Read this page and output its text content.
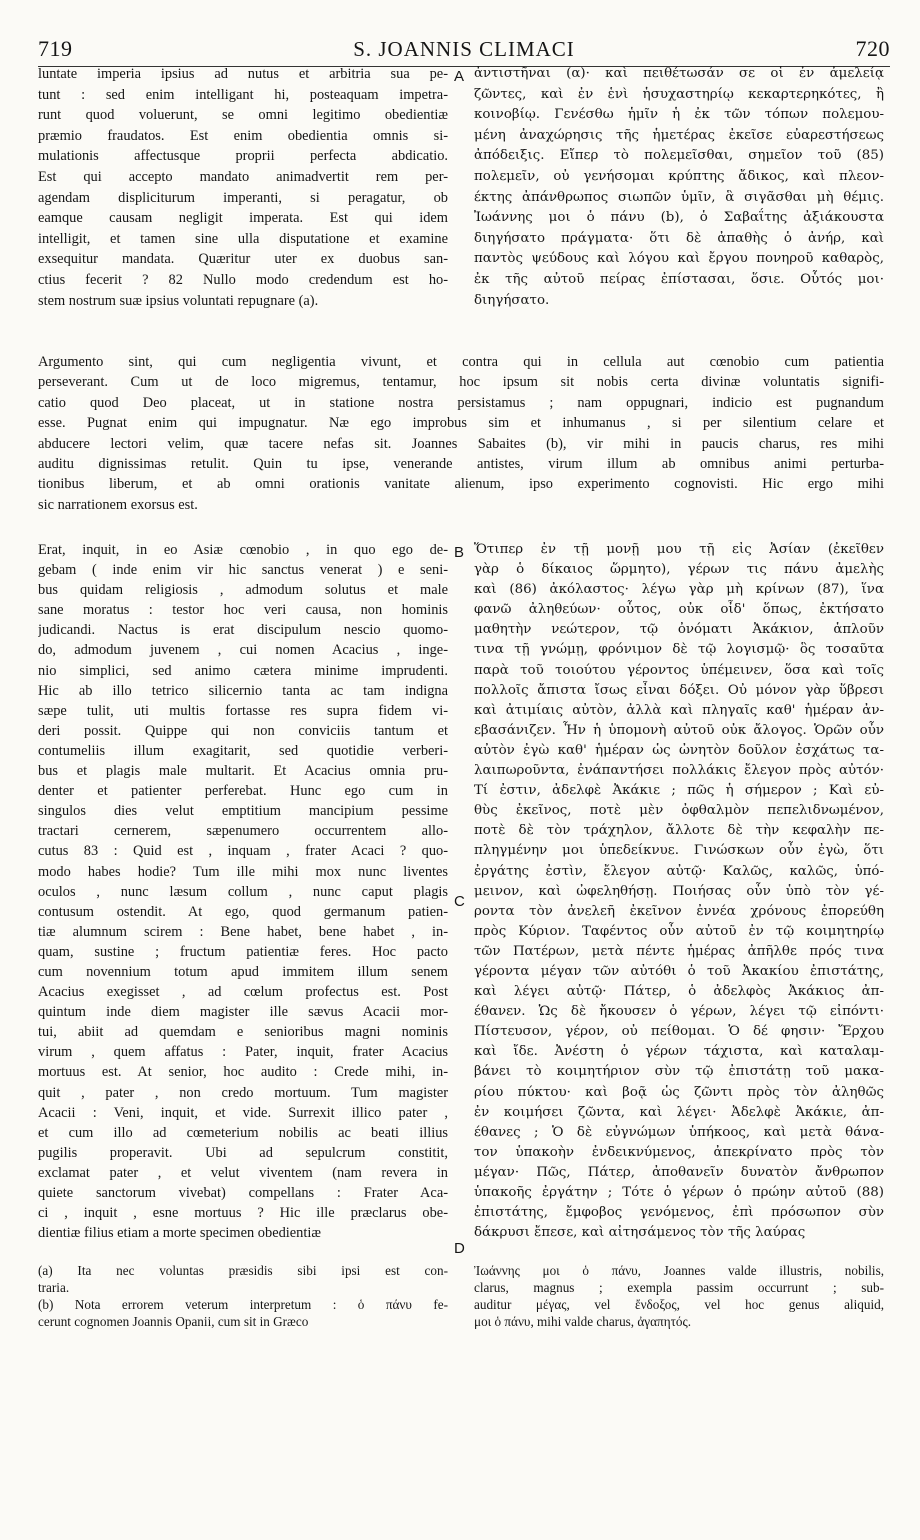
719	S. JOANNIS CLIMACI	720
luntate imperia ipsius ad nutus et arbitria sua pe-
tunt : sed enim intelligant hi, posteaquam impetra-
runt quod voluerunt, se omni legitimo obedientiæ
præmio fraudatos. Est enim obedientia omnis si-
mulationis affectusque proprii perfecta abdicatio.
Est qui accepto mandato animadvertit rem per-
agendam displiciturum imperanti, si peragatur, ob
eamque causam negligit imperata. Est qui idem
intelligit, et tamen sine ulla disputatione et examine
exsequitur mandata. Quæritur uter ex duobus san-
ctius fecerit ? 82 Nullo modo credendum est ho-
stem nostrum suæ ipsius voluntati repugnare (a).
A ἀντιστῆναι (α)· καὶ πειθέτωσάν σε οἱ ἐν ἀμελείᾳ
ζῶντες, καὶ ἐν ἑνὶ ἡσυχαστηρίῳ κεκαρτερηκότες, ἢ
κοινοβίῳ. Γενέσθω ἡμῖν ἡ ἐκ τῶν τόπων πολεμου-
μένη ἀναχώρησις τῆς ἡμετέρας ἐκεῖσε εὐαρεστήσεως
ἀπόδειξις. Εἴπερ τὸ πολεμεῖσθαι, σημεῖον τοῦ (85)
πολεμεῖν, οὐ γενήσομαι κρύπτης ἄδικος, καὶ πλεον-
έκτης ἀπάνθρωπος σιωπῶν ὑμῖν, ἃ σιγᾶσθαι μὴ θέμις.
Ἰωάννης μοι ὁ πάνυ (b), ὁ Σαβαΐτης ἀξιάκουστα
διηγήσατο πράγματα· ὅτι δὲ ἀπαθὴς ὁ ἀνήρ, καὶ
παντὸς ψεύδους καὶ λόγου καὶ ἔργου πονηροῦ καθαρὸς,
ἐκ τῆς αὐτοῦ πείρας ἐπίστασαι, ὅσιε. Οὗτός μοι·
διηγήσατο.
Argumento sint, qui cum negligentia vivunt, et contra qui in cellula aut cœnobio cum patientia
perseverant. Cum ut de loco migremus, tentamur, hoc ipsum sit nobis certa divinæ voluntatis signifi-
catio quod Deo placeat, ut in statione nostra persistamus ; nam oppugnari, indicio est pugnandum
esse. Pugnat enim qui impugnatur. Næ ego improbus sim et inhumanus , si per silentium celare et
abducere lectori velim, quæ tacere nefas sit. Joannes Sabaites (b), vir mihi in paucis charus, res mihi
auditu dignissimas retulit. Quin tu ipse, venerande antistes, virum illum ab omnibus animi perturba-
tionibus liberum, et ab omni orationis vanitate alienum, ipso experimento cognovisti. Hic ergo mihi
sic narrationem exorsus est.
Erat, inquit, in eo Asiæ cœnobio , in quo ego de-
gebam ( inde enim vir hic sanctus venerat ) e seni-
bus quidam religiosis , admodum solutus et male
sane moratus : testor hoc veri causa, non hominis
judicandi. Nactus is erat discipulum nescio quomo-
do, admodum juvenem , cui nomen Acacius , inge-
nio simplici, sed animo cætera minime imprudenti.
Hic ab illo tetrico silicernio tanta ac tam indigna
sæpe tulit, uti multis fortasse res supra fidem vi-
deri possit. Quippe qui non conviciis tantum et
contumeliis illum exagitarit, sed quotidie verberi-
bus et plagis male multarit. Et Acacius omnia pru-
denter et patienter perferebat. Hunc ego cum in
singulos dies velut emptitium mancipium pessime
tractari cernerem, sæpenumero occurrentem allo-
cutus 83 : Quid est , inquam , frater Acaci ? quo-
modo habes hodie? Tum ille mihi mox nunc liventes
oculos , nunc læsum collum , nunc caput plagis
contusum ostendit. At ego, quod germanum patien-
tiæ alumnum scirem : Bene habet, bene habet , in-
quam, sustine ; fructum patientiæ feres. Hoc pacto
cum novennium totum apud immitem illum senem
Acacius exegisset , ad cœlum profectus est. Post
quintum inde diem magister ille sævus Acacii mor-
tui, abiit ad quemdam e senioribus magni nominis
virum , quem affatus : Pater, inquit, frater Acacius
mortuus est. At senior, hoc audito : Crede mihi, in-
quit , pater , non credo mortuum. Tum magister
Acacii : Veni, inquit, et vide. Surrexit illico pater ,
et cum illo ad cœmeterium nobilis ac beati illius
pugilis properavit. Ubi ad sepulcrum constitit,
exclamat pater , et velut viventem (nam revera in
quiete sanctorum vivebat) compellans : Frater Aca-
ci , inquit , esne mortuus ? Hic ille præclarus obe-
dientiæ filius etiam a morte specimen obedientiæ
B
C
D
Ὅτιπερ ἐν τῇ μονῇ μου τῇ εἰς Ἀσίαν (ἐκεῖθεν
γὰρ ὁ δίκαιος ὥρμητο), γέρων τις πάνυ ἀμελὴς
καὶ (86) ἀκόλαστος· λέγω γὰρ μὴ κρίνων (87), ἵνα
φανῶ ἀληθεύων· οὗτος, οὐκ οἶδ' ὅπως, ἐκτήσατο
μαθητὴν νεώτερον, τῷ ὀνόματι Ἀκάκιον, ἁπλοῦν
τινα τῇ γνώμῃ, φρόνιμον δὲ τῷ λογισμῷ· ὃς τοσαῦτα
παρὰ τοῦ τοιούτου γέροντος ὑπέμεινεν, ὅσα καὶ τοῖς
πολλοῖς ἄπιστα ἴσως εἶναι δόξει. Οὐ μόνον γὰρ ὕβρεσι
καὶ ἀτιμίαις αὐτὸν, ἀλλὰ καὶ πληγαῖς καθ' ἡμέραν ἀν-
εβασάνιζεν. Ἦν ἡ ὑπομονὴ αὐτοῦ οὐκ ἄλογος. Ὁρῶν οὖν
αὐτὸν ἐγὼ καθ' ἡμέραν ὡς ὠνητὸν δοῦλον ἐσχάτως τα-
λαιπωροῦντα, ἐνάπαντήσει πολλάκις ἔλεγον πρὸς αὐτόν·
Τί ἐστιν, ἀδελφὲ Ἀκάκιε ; πῶς ἡ σήμερον ; Καὶ εὐ-
θὺς ἐκεῖνος, ποτὲ μὲν ὀφθαλμὸν πεπελιδνωμένον,
ποτὲ δὲ τὸν τράχηλον, ἄλλοτε δὲ τὴν κεφαλὴν πε-
πληγμένην μοι ὑπεδείκνυε. Γινώσκων οὖν ἐγὼ, ὅτι
ἐργάτης ἐστὶν, ἔλεγον αὐτῷ· Καλῶς, καλῶς, ὑπό-
μεινον, καὶ ὠφεληθήσῃ. Ποιήσας οὖν ὑπὸ τὸν γέ-
ροντα τὸν ἀνελεῆ ἐκεῖνον ἐννέα χρόνους ἐπορεύθη
πρὸς Κύριον. Ταφέντος οὖν αὐτοῦ ἐν τῷ κοιμητηρίῳ
τῶν Πατέρων, μετὰ πέντε ἡμέρας ἀπῆλθε πρός τινα
γέροντα μέγαν τῶν αὐτόθι ὁ τοῦ Ἀκακίου ἐπιστάτης,
καὶ λέγει αὐτῷ· Πάτερ, ὁ ἀδελφὸς Ἀκάκιος ἀπ-
έθανεν. Ὡς δὲ ἤκουσεν ὁ γέρων, λέγει τῷ εἰπόντι·
Πίστευσον, γέρον, οὐ πείθομαι. Ὁ δέ φησιν· Ἔρχου
καὶ ἴδε. Ἀνέστη ὁ γέρων τάχιστα, καὶ καταλαμ-
βάνει τὸ κοιμητήριον σὺν τῷ ἐπιστάτῃ τοῦ μακα-
ρίου πύκτου· καὶ βοᾷ ὡς ζῶντι πρὸς τὸν ἀληθῶς
ἐν κοιμήσει ζῶντα, καὶ λέγει· Ἀδελφὲ Ἀκάκιε, ἀπ-
έθανες ; Ὁ δὲ εὐγνώμων ὑπήκοος, καὶ μετὰ θάνα-
τον ὑπακοὴν ἐνδεικνύμενος, ἀπεκρίνατο πρὸς τὸν
μέγαν· Πῶς, Πάτερ, ἀποθανεῖν δυνατὸν ἄνθρωπον
ὑπακοῆς ἐργάτην ; Τότε ὁ γέρων ὁ πρώην αὐτοῦ (88)
ἐπιστάτης, ἔμφοβος γενόμενος, ἐπὶ πρόσωπον σὺν
δάκρυσι ἔπεσε, καὶ αἰτησάμενος τὸν τῆς λαύρας
(a) Ita nec voluntas præsidis sibi ipsi est con-
traria.
(b) Nota errorem veterum interpretum : ὁ πάνυ fe-
cerunt cognomen Joannis Opanii, cum sit in Græco
Ἰωάννης μοι ὁ πάνυ, Joannes valde illustris, nobilis,
clarus, magnus ; exempla passim occurrunt ; sub-
auditur μέγας, vel ἔνδοξος, vel hoc genus aliquid,
μοι ὁ πάνυ, mihi valde charus, ἀγαπητός.
